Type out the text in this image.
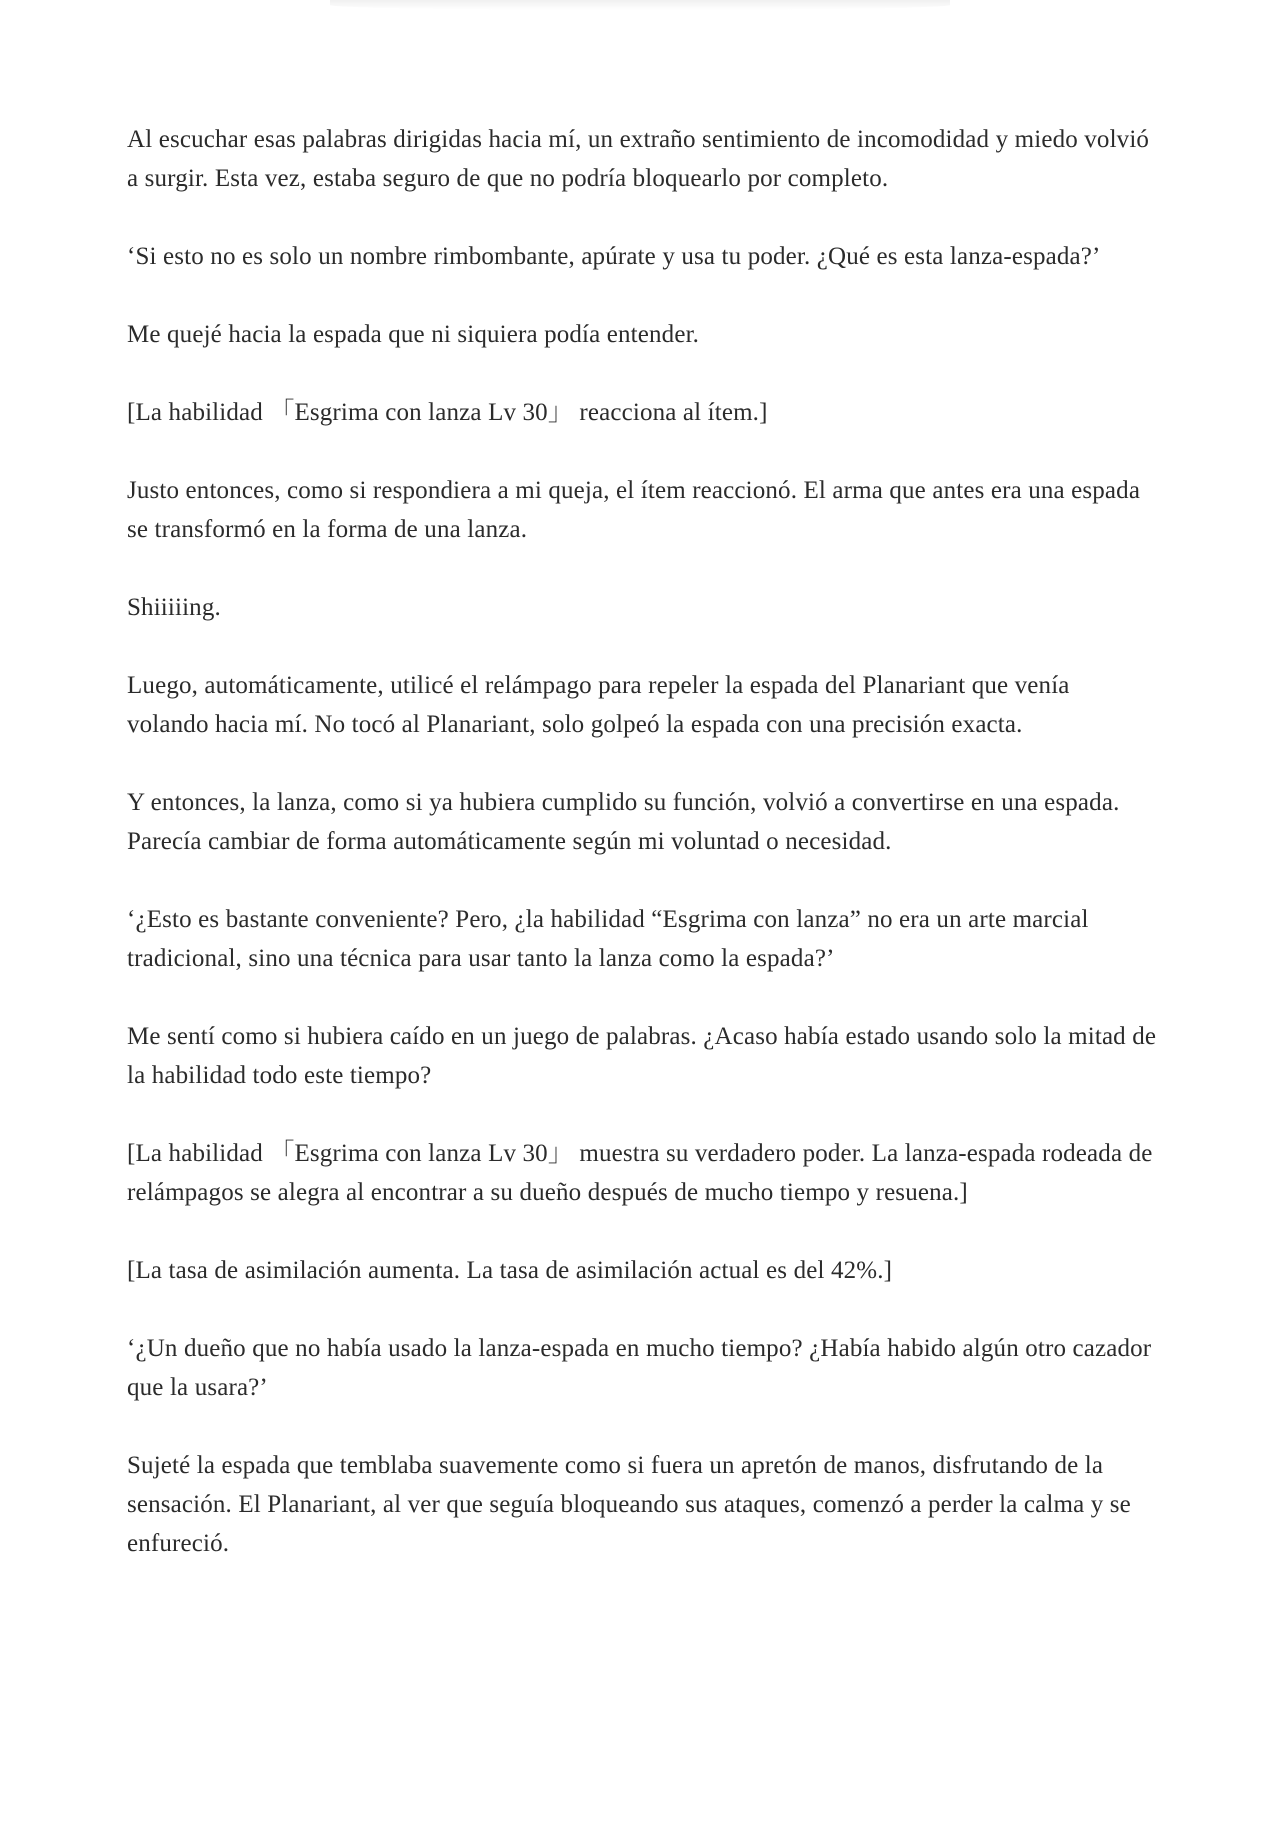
Al escuchar esas palabras dirigidas hacia mí, un extraño sentimiento de incomodidad y miedo volvió a surgir. Esta vez, estaba seguro de que no podría bloquearlo por completo.

‘Si esto no es solo un nombre rimbombante, apúrate y usa tu poder. ¿Qué es esta lanza-espada?’

Me quejé hacia la espada que ni siquiera podía entender.

[La habilidad 「Esgrima con lanza Lv 30」 reacciona al ítem.]

Justo entonces, como si respondiera a mi queja, el ítem reaccionó. El arma que antes era una espada se transformó en la forma de una lanza.

Shiiiiing.

Luego, automáticamente, utilicé el relámpago para repeler la espada del Planariant que venía volando hacia mí. No tocó al Planariant, solo golpeó la espada con una precisión exacta.

Y entonces, la lanza, como si ya hubiera cumplido su función, volvió a convertirse en una espada. Parecía cambiar de forma automáticamente según mi voluntad o necesidad.

‘¿Esto es bastante conveniente? Pero, ¿la habilidad “Esgrima con lanza” no era un arte marcial tradicional, sino una técnica para usar tanto la lanza como la espada?’

Me sentí como si hubiera caído en un juego de palabras. ¿Acaso había estado usando solo la mitad de la habilidad todo este tiempo?

[La habilidad 「Esgrima con lanza Lv 30」 muestra su verdadero poder. La lanza-espada rodeada de relámpagos se alegra al encontrar a su dueño después de mucho tiempo y resuena.]

[La tasa de asimilación aumenta. La tasa de asimilación actual es del 42%.]

‘¿Un dueño que no había usado la lanza-espada en mucho tiempo? ¿Había habido algún otro cazador que la usara?’

Sujeté la espada que temblaba suavemente como si fuera un apretón de manos, disfrutando de la sensación. El Planariant, al ver que seguía bloqueando sus ataques, comenzó a perder la calma y se enfureció.
